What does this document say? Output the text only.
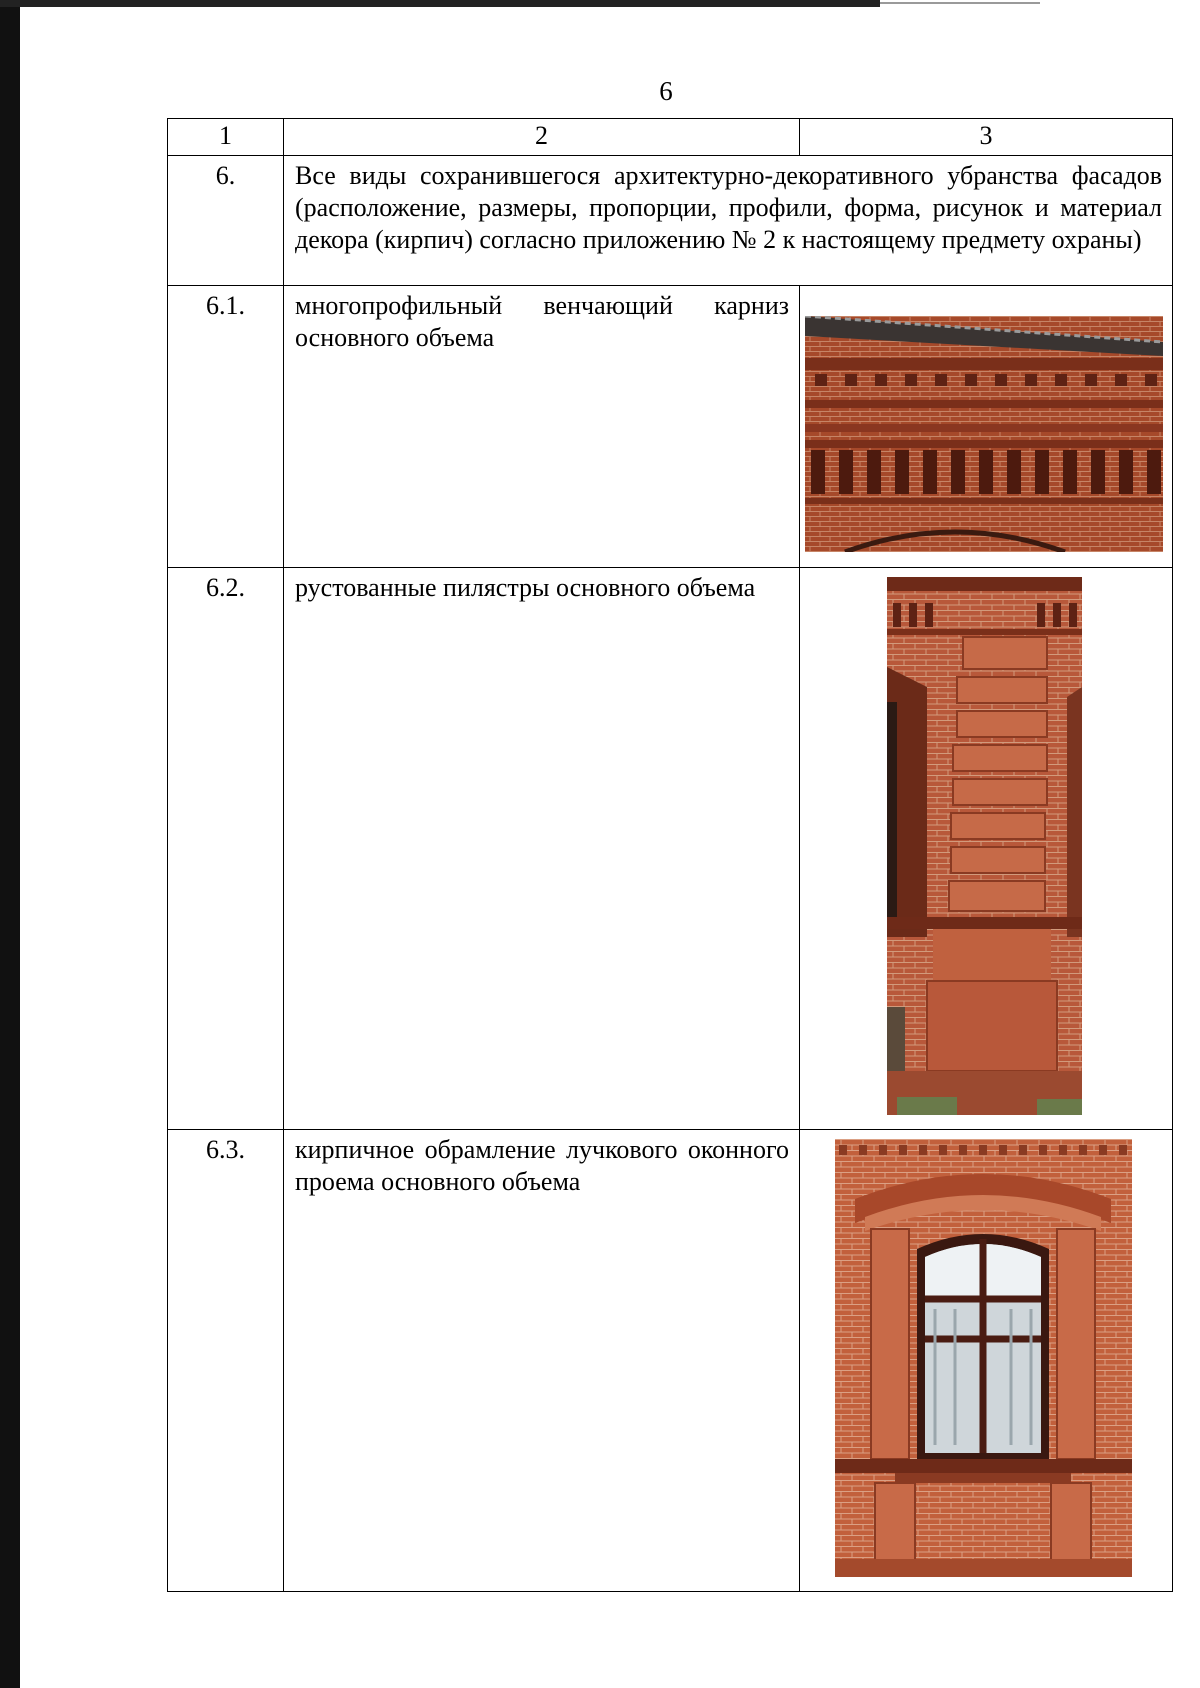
6
1	2	3
6.	Все виды сохранившегося архитектурно-декоративного убранства фасадов (расположение, размеры, пропорции, профили, форма, рисунок и материал декора (кирпич) согласно приложению № 2 к настоящему предмету охраны)	
6.1.	многопрофильный венчающий карниз основного объема	

6.2.	рустованные пилястры основного объема	

6.3.	кирпичное обрамление лучкового оконного проема основного объема	
